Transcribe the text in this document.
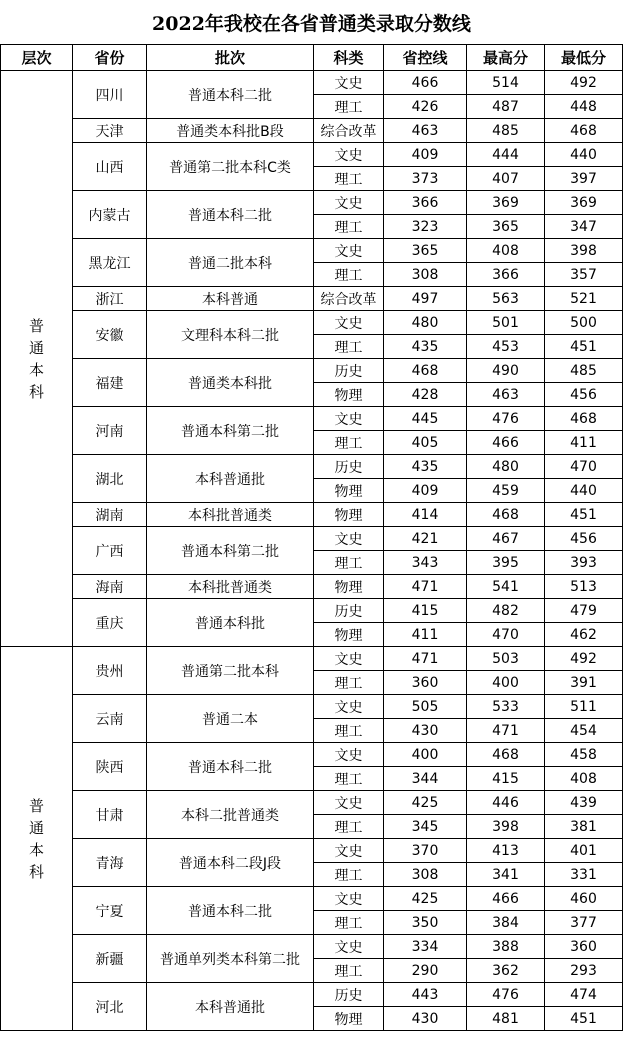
2022年我校在各省普通类录取分数线
层次	省份	批次	科类	省控线	最高分	最低分
普通本科	四川	普通本科二批	文史	466	514	492
			理工	426	487	448
	天津	普通类本科批B段	综合改革	463	485	468
	山西	普通第二批本科C类	文史	409	444	440
			理工	373	407	397
	内蒙古	普通本科二批	文史	366	369	369
			理工	323	365	347
	黑龙江	普通二批本科	文史	365	408	398
			理工	308	366	357
	浙江	本科普通	综合改革	497	563	521
	安徽	文理科本科二批	文史	480	501	500
			理工	435	453	451
	福建	普通类本科批	历史	468	490	485
			物理	428	463	456
	河南	普通本科第二批	文史	445	476	468
			理工	405	466	411
	湖北	本科普通批	历史	435	480	470
			物理	409	459	440
	湖南	本科批普通类	物理	414	468	451
	广西	普通本科第二批	文史	421	467	456
			理工	343	395	393
	海南	本科批普通类	物理	471	541	513
	重庆	普通本科批	历史	415	482	479
			物理	411	470	462
普通本科	贵州	普通第二批本科	文史	471	503	492
			理工	360	400	391
	云南	普通二本	文史	505	533	511
			理工	430	471	454
	陕西	普通本科二批	文史	400	468	458
			理工	344	415	408
	甘肃	本科二批普通类	文史	425	446	439
			理工	345	398	381
	青海	普通本科二段J段	文史	370	413	401
			理工	308	341	331
	宁夏	普通本科二批	文史	425	466	460
			理工	350	384	377
	新疆	普通单列类本科第二批	文史	334	388	360
			理工	290	362	293
	河北	本科普通批	历史	443	476	474
			物理	430	481	451
